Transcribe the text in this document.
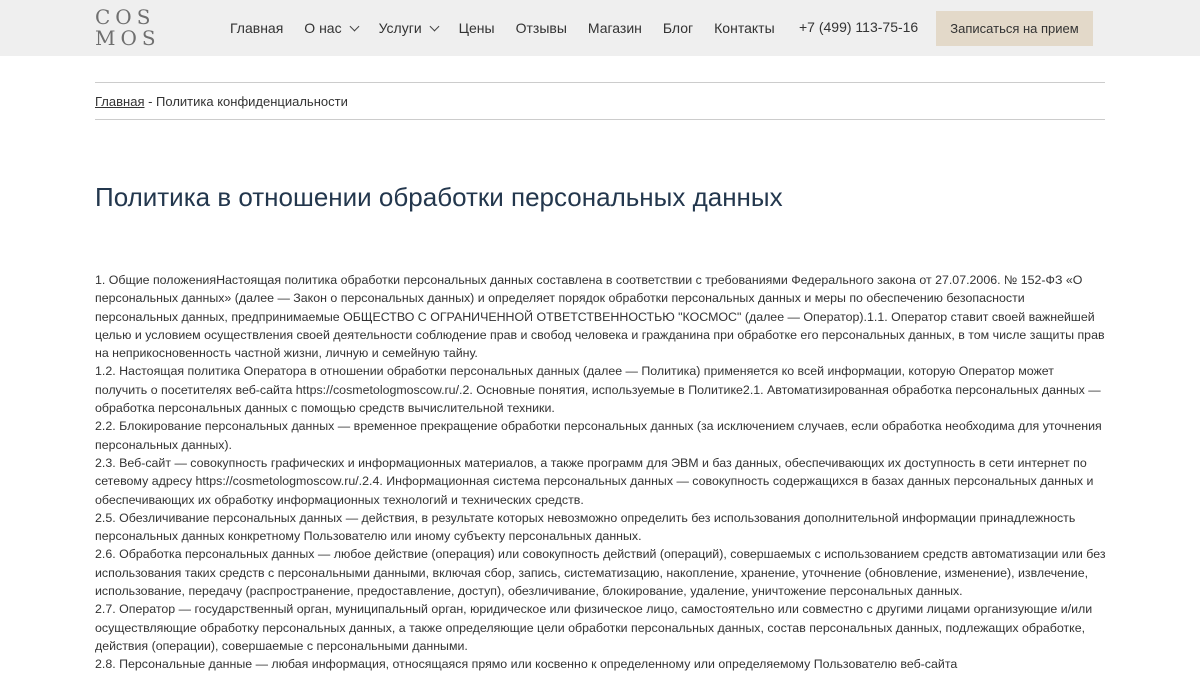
COS
MOS	Главная О нас	Услуги	Цены Отзывы Магазин Блог Контакты +7 (499) 113-75-16	Записаться на прием
Главная - Политика конфиденциальности
Политика в отношении обработки персональных данных

1. Общие положенияНастоящая политика обработки персональных данных составлена в соответствии с требованиями Федерального закона от 27.07.2006. № 152-ФЗ «О персональных данных» (далее — Закон о персональных данных) и определяет порядок обработки персональных данных и меры по обеспечению безопасности персональных данных, предпринимаемые ОБЩЕСТВО С ОГРАНИЧЕННОЙ ОТВЕТСТВЕННОСТЬЮ "КОСМОС" (далее — Оператор).1.1. Оператор ставит своей важнейшей целью и условием осуществления своей деятельности соблюдение прав и свобод человека и гражданина при обработке его персональных данных, в том числе защиты прав на неприкосновенность частной жизни, личную и семейную тайну.

1.2. Настоящая политика Оператора в отношении обработки персональных данных (далее — Политика) применяется ко всей информации, которую Оператор может получить о посетителях веб-сайта https://cosmetologmoscow.ru/.2. Основные понятия, используемые в Политике2.1. Автоматизированная обработка персональных данных — обработка персональных данных с помощью средств вычислительной техники.

2.2. Блокирование персональных данных — временное прекращение обработки персональных данных (за исключением случаев, если обработка необходима для уточнения персональных данных).

2.3. Веб-сайт — совокупность графических и информационных материалов, а также программ для ЭВМ и баз данных, обеспечивающих их доступность в сети интернет по сетевому адресу https://cosmetologmoscow.ru/.2.4. Информационная система персональных данных — совокупность содержащихся в базах данных персональных данных и обеспечивающих их обработку информационных технологий и технических средств.

2.5. Обезличивание персональных данных — действия, в результате которых невозможно определить без использования дополнительной информации принадлежность персональных данных конкретному Пользователю или иному субъекту персональных данных.

2.6. Обработка персональных данных — любое действие (операция) или совокупность действий (операций), совершаемых с использованием средств автоматизации или без использования таких средств с персональными данными, включая сбор, запись, систематизацию, накопление, хранение, уточнение (обновление, изменение), извлечение, использование, передачу (распространение, предоставление, доступ), обезличивание, блокирование, удаление, уничтожение персональных данных.

2.7. Оператор — государственный орган, муниципальный орган, юридическое или физическое лицо, самостоятельно или совместно с другими лицами организующие и/или осуществляющие обработку персональных данных, а также определяющие цели обработки персональных данных, состав персональных данных, подлежащих обработке, действия (операции), совершаемые с персональными данными.

2.8. Персональные данные — любая информация, относящаяся прямо или косвенно к определенному или определяемому Пользователю веб-сайта
